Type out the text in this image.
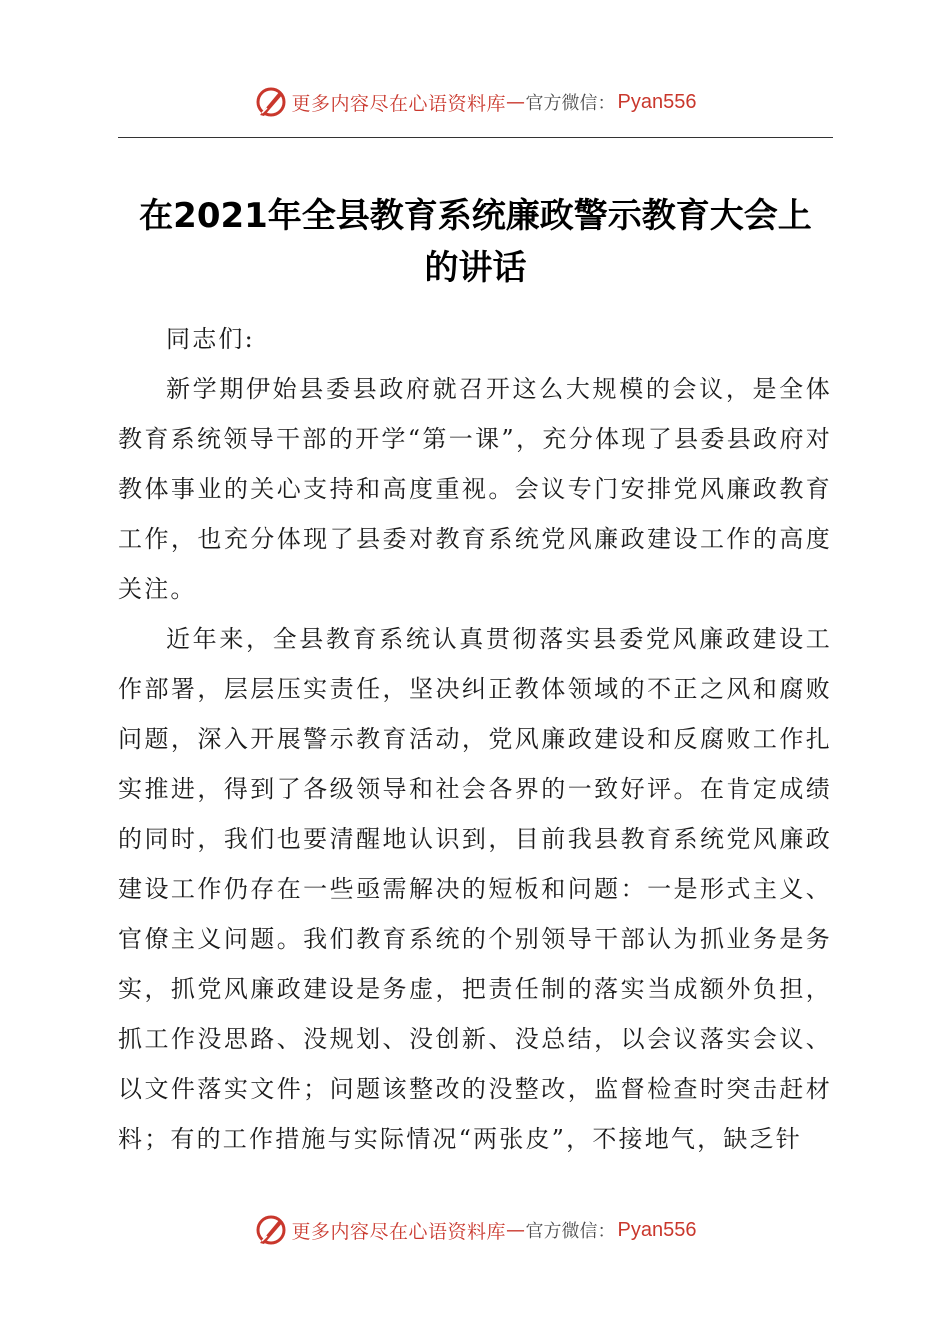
更多内容尽在心语资料库 — 官方微信： Pyan556
在2021年全县教育系统廉政警示教育大会上
的讲话

同志们:

新学期伊始县委县政府就召开这么大规模的会议，是全体教育系统领导干部的开学“第一课”，充分体现了县委县政府对教体事业的关心支持和高度重视。会议专门安排党风廉政教育工作，也充分体现了县委对教育系统党风廉政建设工作的高度关注。

近年来，全县教育系统认真贯彻落实县委党风廉政建设工作部署，层层压实责任，坚决纠正教体领域的不正之风和腐败问题，深入开展警示教育活动，党风廉政建设和反腐败工作扎实推进，得到了各级领导和社会各界的一致好评。在肯定成绩的同时，我们也要清醒地认识到，目前我县教育系统党风廉政建设工作仍存在一些亟需解决的短板和问题：一是形式主义、官僚主义问题。我们教育系统的个别领导干部认为抓业务是务实，抓党风廉政建设是务虚，把责任制的落实当成额外负担，抓工作没思路、没规划、没创新、没总结，以会议落实会议、以文件落实文件；问题该整改的没整改，监督检查时突击赶材料；有的工作措施与实际情况“两张皮”，不接地气，缺乏针

更多内容尽在心语资料库 — 官方微信： Pyan556
